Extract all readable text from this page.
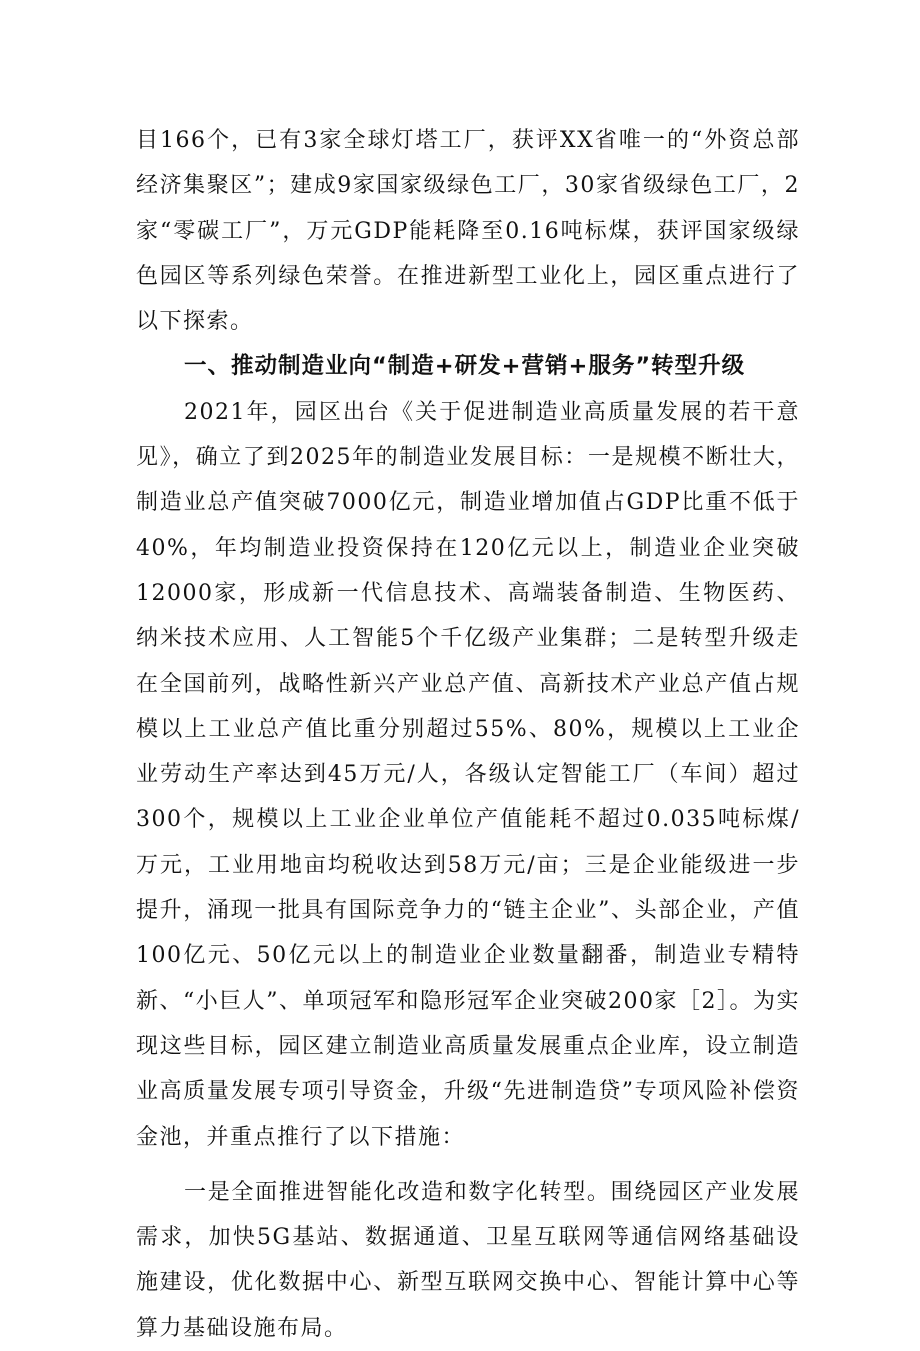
目166个，已有3家全球灯塔工厂，获评XX省唯一的“外资总部经济集聚区”；建成9家国家级绿色工厂，30家省级绿色工厂，2家“零碳工厂”，万元GDP能耗降至0.16吨标煤，获评国家级绿色园区等系列绿色荣誉。在推进新型工业化上，园区重点进行了以下探索。

一、推动制造业向“制造+研发+营销+服务”转型升级

2021年，园区出台《关于促进制造业高质量发展的若干意见》，确立了到2025年的制造业发展目标：一是规模不断壮大，制造业总产值突破7000亿元，制造业增加值占GDP比重不低于40%，年均制造业投资保持在120亿元以上，制造业企业突破12000家，形成新一代信息技术、高端装备制造、生物医药、纳米技术应用、人工智能5个千亿级产业集群；二是转型升级走在全国前列，战略性新兴产业总产值、高新技术产业总产值占规模以上工业总产值比重分别超过55%、80%，规模以上工业企业劳动生产率达到45万元/人，各级认定智能工厂（车间）超过300个，规模以上工业企业单位产值能耗不超过0.035吨标煤/万元，工业用地亩均税收达到58万元/亩；三是企业能级进一步提升，涌现一批具有国际竞争力的“链主企业”、头部企业，产值100亿元、50亿元以上的制造业企业数量翻番，制造业专精特新、“小巨人”、单项冠军和隐形冠军企业突破200家［2］。为实现这些目标，园区建立制造业高质量发展重点企业库，设立制造业高质量发展专项引导资金，升级“先进制造贷”专项风险补偿资金池，并重点推行了以下措施：

一是全面推进智能化改造和数字化转型。围绕园区产业发展需求，加快5G基站、数据通道、卫星互联网等通信网络基础设施建设，优化数据中心、新型互联网交换中心、智能计算中心等算力基础设施布局。
